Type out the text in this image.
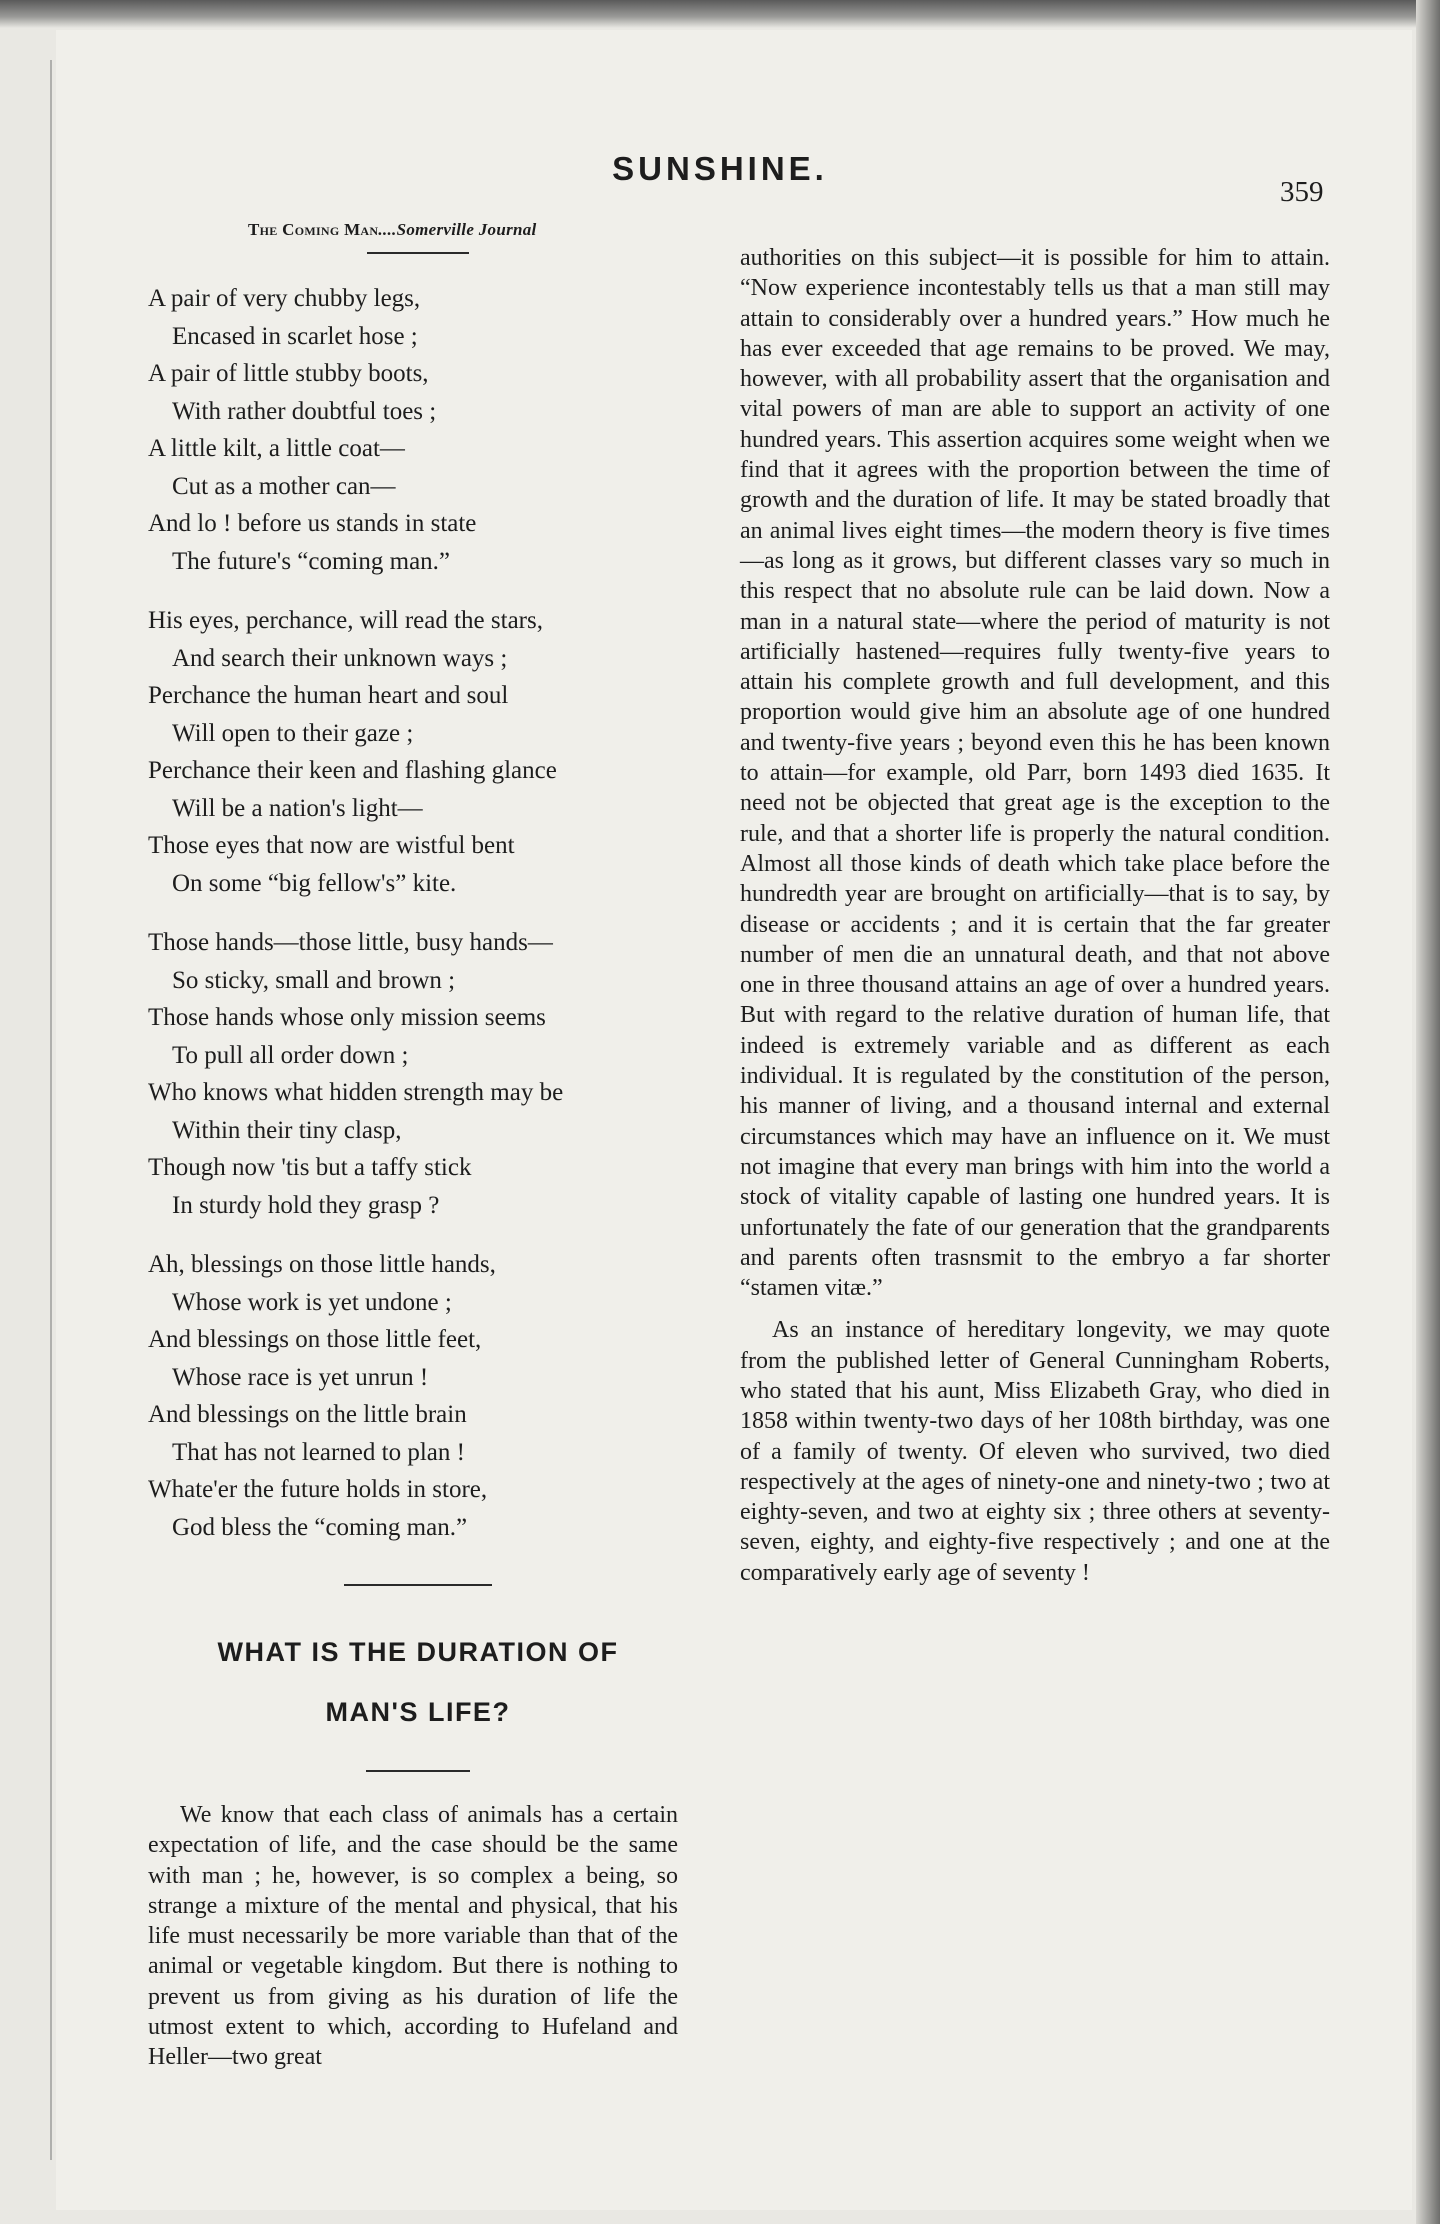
SUNSHINE.
359
The Coming Man....Somerville Journal
A pair of very chubby legs,
Encased in scarlet hose ;
A pair of little stubby boots,
With rather doubtful toes ;
A little kilt, a little coat—
Cut as a mother can—
And lo ! before us stands in state
The future's “coming man.”
His eyes, perchance, will read the stars,
And search their unknown ways ;
Perchance the human heart and soul
Will open to their gaze ;
Perchance their keen and flashing glance
Will be a nation's light—
Those eyes that now are wistful bent
On some “big fellow's” kite.
Those hands—those little, busy hands—
So sticky, small and brown ;
Those hands whose only mission seems
To pull all order down ;
Who knows what hidden strength may be
Within their tiny clasp,
Though now 'tis but a taffy stick
In sturdy hold they grasp ?
Ah, blessings on those little hands,
Whose work is yet undone ;
And blessings on those little feet,
Whose race is yet unrun !
And blessings on the little brain
That has not learned to plan !
Whate'er the future holds in store,
God bless the “coming man.”
WHAT IS THE DURATION OF
MAN'S LIFE?

We know that each class of animals has a certain expectation of life, and the case should be the same with man ; he, however, is so complex a being, so strange a mixture of the mental and physical, that his life must necessarily be more variable than that of the animal or vegetable kingdom. But there is nothing to prevent us from giving as his duration of life the utmost extent to which, according to Hufeland and Heller—two great

authorities on this subject—it is possible for him to attain. “Now experience incontestably tells us that a man still may attain to considerably over a hundred years.” How much he has ever exceeded that age remains to be proved. We may, however, with all probability assert that the organisation and vital powers of man are able to support an activity of one hundred years. This assertion acquires some weight when we find that it agrees with the proportion between the time of growth and the duration of life. It may be stated broadly that an animal lives eight times—the modern theory is five times—as long as it grows, but different classes vary so much in this respect that no absolute rule can be laid down. Now a man in a natural state—where the period of maturity is not artificially hastened—requires fully twenty-five years to attain his complete growth and full development, and this proportion would give him an absolute age of one hundred and twenty-five years ; beyond even this he has been known to attain—for example, old Parr, born 1493 died 1635. It need not be objected that great age is the exception to the rule, and that a shorter life is properly the natural condition. Almost all those kinds of death which take place before the hundredth year are brought on artificially—that is to say, by disease or accidents ; and it is certain that the far greater number of men die an unnatural death, and that not above one in three thousand attains an age of over a hundred years. But with regard to the relative duration of human life, that indeed is extremely variable and as different as each individual. It is regulated by the constitution of the person, his manner of living, and a thousand internal and external circumstances which may have an influence on it. We must not imagine that every man brings with him into the world a stock of vitality capable of lasting one hundred years. It is unfortunately the fate of our generation that the grandparents and parents often trasnsmit to the embryo a far shorter “stamen vitæ.”

As an instance of hereditary longevity, we may quote from the published letter of General Cunningham Roberts, who stated that his aunt, Miss Elizabeth Gray, who died in 1858 within twenty-two days of her 108th birthday, was one of a family of twenty. Of eleven who survived, two died respectively at the ages of ninety-one and ninety-two ; two at eighty-seven, and two at eighty six ; three others at seventy-seven, eighty, and eighty-five respectively ; and one at the comparatively early age of seventy !
